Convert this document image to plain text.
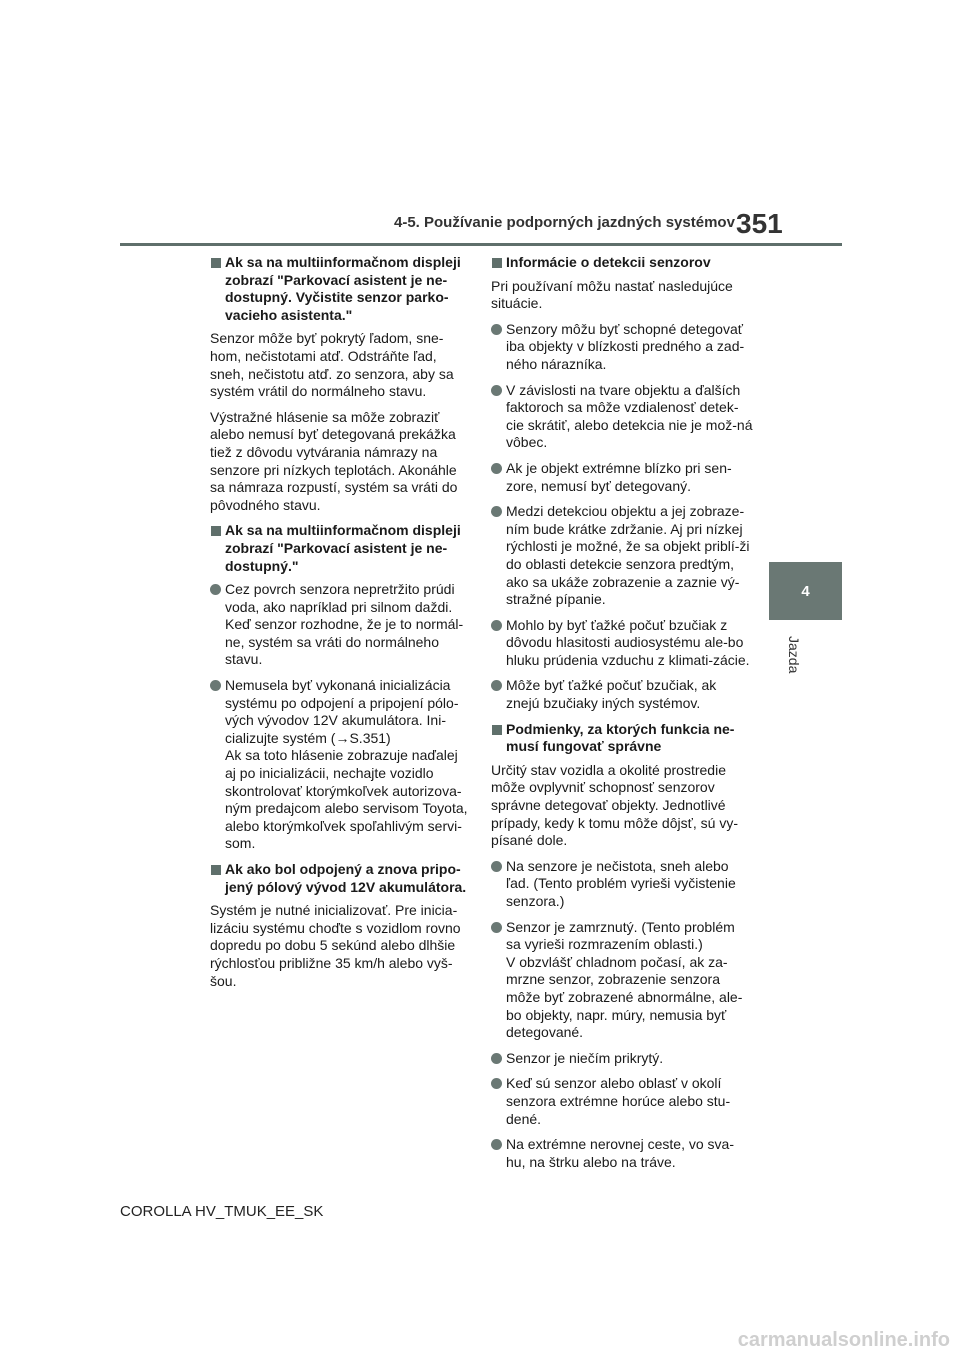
4-5. Používanie podporných jazdných systémov 351
4
Jazda
Ak sa na multiinformačnom displeji zobrazí "Parkovací asistent je ne-dostupný. Vyčistite senzor parko-vacieho asistenta."

Senzor môže byť pokrytý ľadom, sne-hom, nečistotami atď. Odstráňte ľad, sneh, nečistotu atď. zo senzora, aby sa systém vrátil do normálneho stavu.

Výstražné hlásenie sa môže zobraziť alebo nemusí byť detegovaná prekážka tiež z dôvodu vytvárania námrazy na senzore pri nízkych teplotách. Akonáhle sa námraza rozpustí, systém sa vráti do pôvodného stavu.

Ak sa na multiinformačnom displeji zobrazí "Parkovací asistent je ne-dostupný."
Cez povrch senzora nepretržito prúdi voda, ako napríklad pri silnom daždi. Keď senzor rozhodne, že je to normál-ne, systém sa vráti do normálneho stavu.
Nemusela byť vykonaná inicializácia systému po odpojení a pripojení pólo-vých vývodov 12V akumulátora. Ini-cializujte systém (→S.351)
Ak sa toto hlásenie zobrazuje naďalej aj po inicializácii, nechajte vozidlo skontrolovať ktorýmkoľvek autorizova-ným predajcom alebo servisom Toyota, alebo ktorýmkoľvek spoľahlivým servi-som.
Ak ako bol odpojený a znova pripo-jený pólový vývod 12V akumulátora.

Systém je nutné inicializovať. Pre inicia-lizáciu systému choďte s vozidlom rovno dopredu po dobu 5 sekúnd alebo dlhšie rýchlosťou približne 35 km/h alebo vyš-šou.

Informácie o detekcii senzorov

Pri používaní môžu nastať nasledujúce situácie.

Senzory môžu byť schopné detegovať iba objekty v blízkosti predného a zad-ného nárazníka.
V závislosti na tvare objektu a ďalších faktoroch sa môže vzdialenosť detek-cie skrátiť, alebo detekcia nie je mož-ná vôbec.
Ak je objekt extrémne blízko pri sen-zore, nemusí byť detegovaný.
Medzi detekciou objektu a jej zobraze-ním bude krátke zdržanie. Aj pri nízkej rýchlosti je možné, že sa objekt priblí-ži do oblasti detekcie senzora predtým, ako sa ukáže zobrazenie a zaznie vý-stražné pípanie.
Mohlo by byť ťažké počuť bzučiak z dôvodu hlasitosti audiosystému ale-bo hluku prúdenia vzduchu z klimati-zácie.
Môže byť ťažké počuť bzučiak, ak znejú bzučiaky iných systémov.
Podmienky, za ktorých funkcia ne-musí fungovať správne

Určitý stav vozidla a okolité prostredie môže ovplyvniť schopnosť senzorov správne detegovať objekty. Jednotlivé prípady, kedy k tomu môže dôjsť, sú vy-písané dole.

Na senzore je nečistota, sneh alebo ľad. (Tento problém vyrieši vyčistenie senzora.)
Senzor je zamrznutý. (Tento problém sa vyrieši rozmrazením oblasti.)
V obzvlášť chladnom počasí, ak za-mrzne senzor, zobrazenie senzora môže byť zobrazené abnormálne, ale-bo objekty, napr. múry, nemusia byť detegované.
Senzor je niečím prikrytý.
Keď sú senzor alebo oblasť v okolí senzora extrémne horúce alebo stu-dené.
Na extrémne nerovnej ceste, vo sva-hu, na štrku alebo na tráve.
COROLLA HV_TMUK_EE_SK
carmanualsonline.info
